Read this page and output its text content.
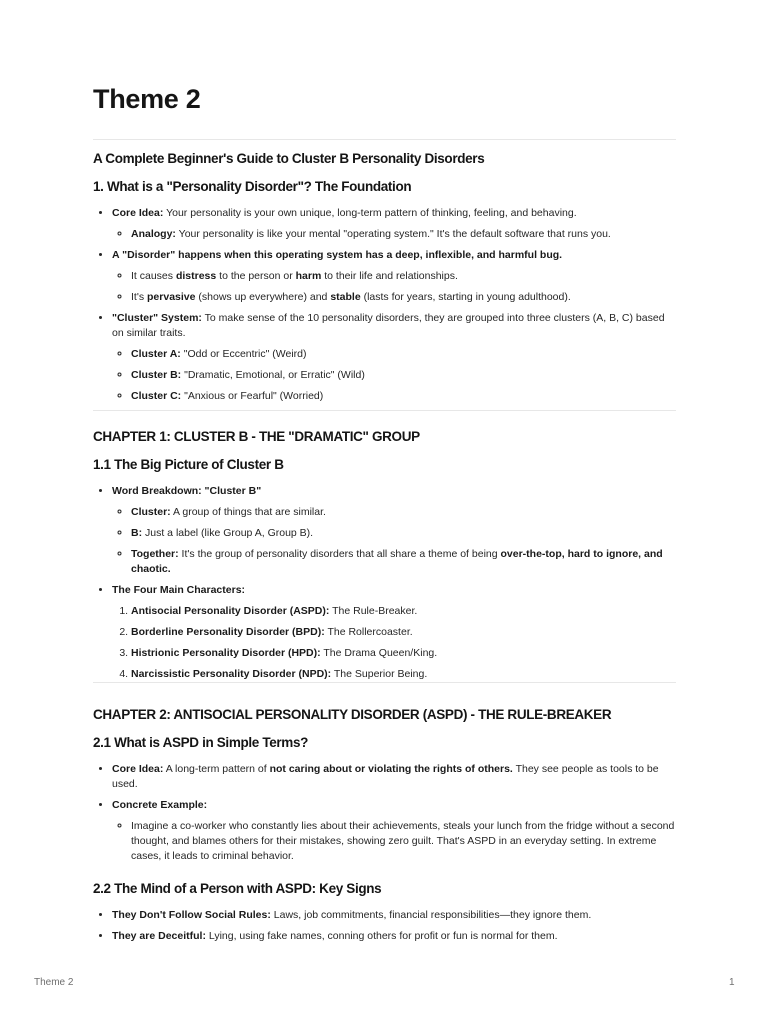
Theme 2
A Complete Beginner's Guide to Cluster B Personality Disorders
1. What is a "Personality Disorder"? The Foundation
• Core Idea: Your personality is your own unique, long-term pattern of thinking, feeling, and behaving.
◦ Analogy: Your personality is like your mental "operating system." It's the default software that runs you.
• A "Disorder" happens when this operating system has a deep, inflexible, and harmful bug.
◦ It causes distress to the person or harm to their life and relationships.
◦ It's pervasive (shows up everywhere) and stable (lasts for years, starting in young adulthood).
• "Cluster" System: To make sense of the 10 personality disorders, they are grouped into three clusters (A, B, C) based on similar traits.
◦ Cluster A: "Odd or Eccentric" (Weird)
◦ Cluster B: "Dramatic, Emotional, or Erratic" (Wild)
◦ Cluster C: "Anxious or Fearful" (Worried)
CHAPTER 1: CLUSTER B - THE "DRAMATIC" GROUP
1.1 The Big Picture of Cluster B
• Word Breakdown: "Cluster B"
◦ Cluster: A group of things that are similar.
◦ B: Just a label (like Group A, Group B).
◦ Together: It's the group of personality disorders that all share a theme of being over-the-top, hard to ignore, and chaotic.
• The Four Main Characters:
1. Antisocial Personality Disorder (ASPD): The Rule-Breaker.
2. Borderline Personality Disorder (BPD): The Rollercoaster.
3. Histrionic Personality Disorder (HPD): The Drama Queen/King.
4. Narcissistic Personality Disorder (NPD): The Superior Being.
CHAPTER 2: ANTISOCIAL PERSONALITY DISORDER (ASPD) - THE RULE-BREAKER
2.1 What is ASPD in Simple Terms?
• Core Idea: A long-term pattern of not caring about or violating the rights of others. They see people as tools to be used.
• Concrete Example:
◦ Imagine a co-worker who constantly lies about their achievements, steals your lunch from the fridge without a second thought, and blames others for their mistakes, showing zero guilt. That's ASPD in an everyday setting. In extreme cases, it leads to criminal behavior.
2.2 The Mind of a Person with ASPD: Key Signs
• They Don't Follow Social Rules: Laws, job commitments, financial responsibilities—they ignore them.
• They are Deceitful: Lying, using fake names, conning others for profit or fun is normal for them.
Theme 2	1
